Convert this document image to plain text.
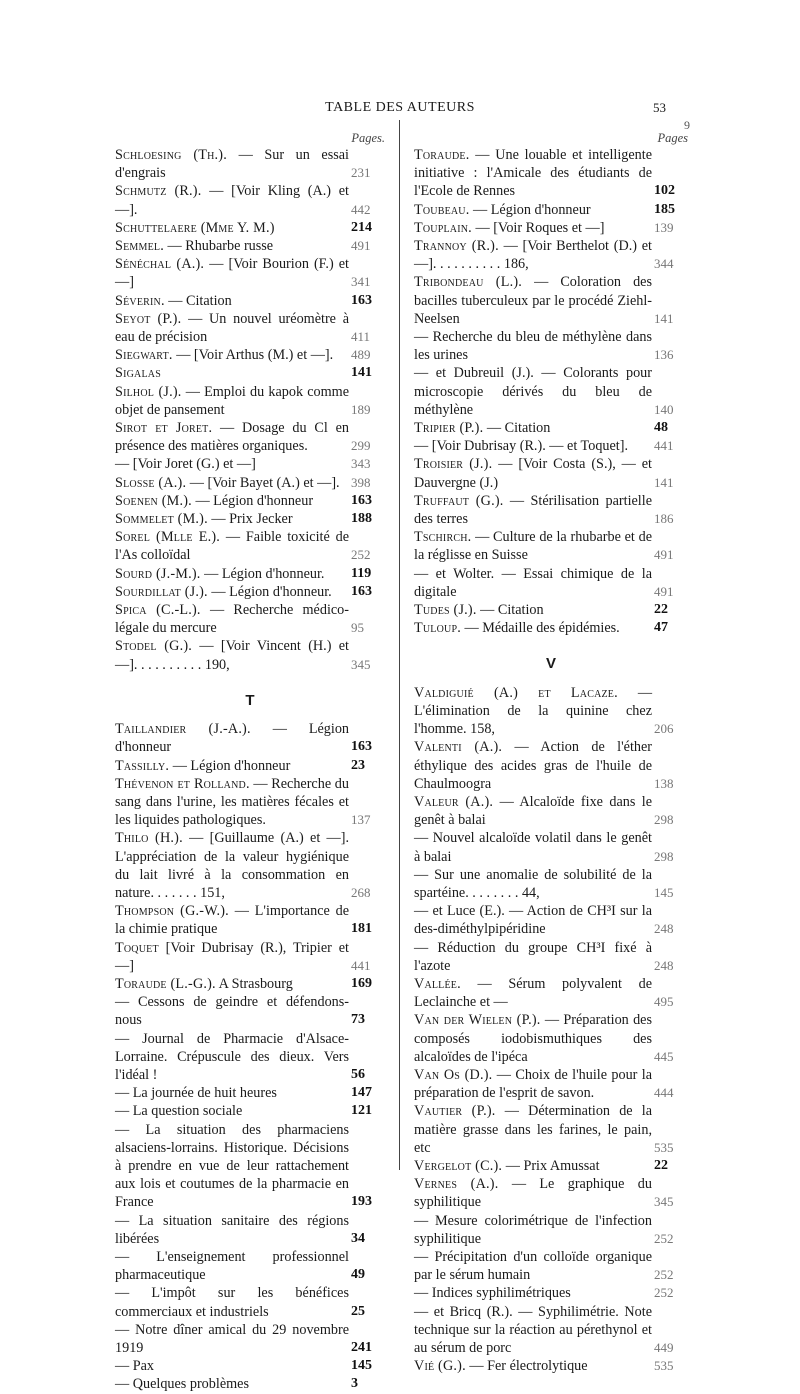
TABLE DES AUTEURS	53
9
Pages.
Schloesing (Th.). — Sur un essai d'engrais	231
Schmutz (R.). — [Voir Kling (A.) et —].	442
Schuttelaere (Mme Y. M.)	214
Semmel. — Rhubarbe russe	491
Sénéchal (A.). — [Voir Bourion (F.) et —]	341
Séverin. — Citation	163
Seyot (P.). — Un nouvel uréomètre à eau de précision	411
Siegwart. — [Voir Arthus (M.) et —]. 489
Sigalas	141
Silhol (J.). — Emploi du kapok comme objet de pansement	189
Sirot et Joret. — Dosage du Cl en présence des matières organiques.	299
— [Voir Joret (G.) et —]	343
Slosse (A.). — [Voir Bayet (A.) et —]. 398
Soenen (M.). — Légion d'honneur	163
Sommelet (M.). — Prix Jecker	188
Sorel (Mlle E.). — Faible toxicité de l'As colloïdal	252
Sourd (J.-M.). — Légion d'honneur. 119
Sourdillat (J.). — Légion d'honneur. 163
Spica (C.-L.). — Recherche médico-légale du mercure	95
Stodel (G.). — [Voir Vincent (H.) et —]. . . . . . . . . . 190,	345
T
Taillandier (J.-A.). — Légion d'honneur	163
Tassilly. — Légion d'honneur	23
Thévenon et Rolland. — Recherche du sang dans l'urine, les matières fécales et les liquides pathologiques.	137
Thilo (H.). — [Guillaume (A.) et —]. L'appréciation de la valeur hygiénique du lait livré à la consommation en nature. . . . . . . 151,	268
Thompson (G.-W.). — L'importance de la chimie pratique	181
Toquet [Voir Dubrisay (R.), Tripier et —]	441
Toraude (L.-G.). A Strasbourg	169
— Cessons de geindre et défendons-nous	73
— Journal de Pharmacie d'Alsace-Lorraine. Crépuscule des dieux. Vers l'idéal !	56
— La journée de huit heures	147
— La question sociale	121
— La situation des pharmaciens alsaciens-lorrains. Historique. Décisions à prendre en vue de leur rattachement aux lois et coutumes de la pharmacie en France	193
— La situation sanitaire des régions libérées	34
— L'enseignement professionnel pharmaceutique	49
— L'impôt sur les bénéfices commerciaux et industriels	25
— Notre dîner amical du 29 novembre 1919	241
— Pax	145
— Quelques problèmes	3
Pages
Toraude. — Une louable et intelligente initiative : l'Amicale des étudiants de l'Ecole de Rennes	102
Toubeau. — Légion d'honneur	185
Touplain. — [Voir Roques et —]	139
Trannoy (R.). — [Voir Berthelot (D.) et —]. . . . . . . . . . 186,	344
Tribondeau (L.). — Coloration des bacilles tuberculeux par le procédé Ziehl-Neelsen	141
— Recherche du bleu de méthylène dans les urines	136
— et Dubreuil (J.). — Colorants pour microscopie dérivés du bleu de méthylène	140
Tripier (P.). — Citation	48
— [Voir Dubrisay (R.). — et Toquet]. 441
Troisier (J.). — [Voir Costa (S.), — et Dauvergne (J.)	141
Truffaut (G.). — Stérilisation partielle des terres	186
Tschirch. — Culture de la rhubarbe et de la réglisse en Suisse	491
— et Wolter. — Essai chimique de la digitale	491
Tudes (J.). — Citation	22
Tuloup. — Médaille des épidémies. 47
V
Valdiguié (A.) et Lacaze. — L'élimination de la quinine chez l'homme. 158,	206
Valenti (A.). — Action de l'éther éthylique des acides gras de l'huile de Chaulmoogra	138
Valeur (A.). — Alcaloïde fixe dans le genêt à balai	298
— Nouvel alcaloïde volatil dans le genêt à balai	298
— Sur une anomalie de solubilité de la spartéine. . . . . . . . 44,	145
— et Luce (E.). — Action de CH³I sur la des-diméthylpipéridine	248
— Réduction du groupe CH³I fixé à l'azote	248
Vallée. — Sérum polyvalent de Leclainche et —	495
Van der Wielen (P.). — Préparation des composés iodobismuthiques des alcaloïdes de l'ipéca	445
Van Os (D.). — Choix de l'huile pour la préparation de l'esprit de savon.	444
Vautier (P.). — Détermination de la matière grasse dans les farines, le pain, etc	535
Vergelot (C.). — Prix Amussat	22
Vernes (A.). — Le graphique du syphilitique	345
— Mesure colorimétrique de l'infection syphilitique	252
— Précipitation d'un colloïde organique par le sérum humain	252
— Indices syphilimétriques	252
— et Bricq (R.). — Syphilimétrie. Note technique sur la réaction au pérethynol et au sérum de porc	449
Vié (G.). — Fer électrolytique	535
